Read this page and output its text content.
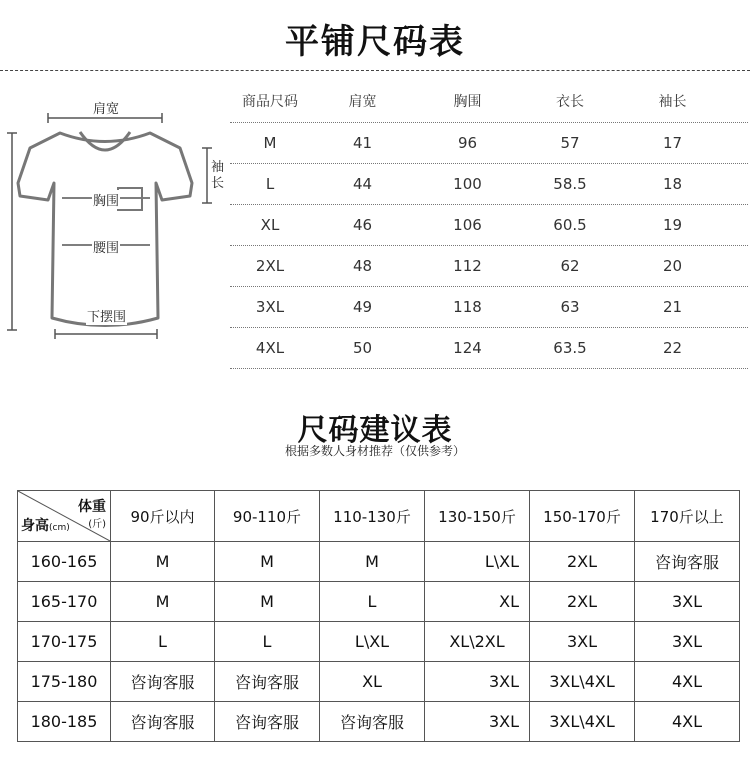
平铺尺码表
肩宽
袖长
胸围
腰围
下摆围
商品尺码	肩宽	胸围	衣长	袖长
M	41	96	57	17
L	44	100	58.5	18
XL	46	106	60.5	19
2XL	48	112	62	20
3XL	49	118	63	21
4XL	50	124	63.5	22
尺码建议表
根据多数人身材推荐（仅供参考）
体重
(斤)
身高(cm)	90斤以内	90-110斤	110-130斤	130-150斤	150-170斤	170斤以上
160-165	M	M	M	L\XL	2XL	咨询客服
165-170	M	M	L	XL	2XL	3XL
170-175	L	L	L\XL	XL\2XL	3XL	3XL
175-180	咨询客服	咨询客服	XL	3XL	3XL\4XL	4XL
180-185	咨询客服	咨询客服	咨询客服	3XL	3XL\4XL	4XL
